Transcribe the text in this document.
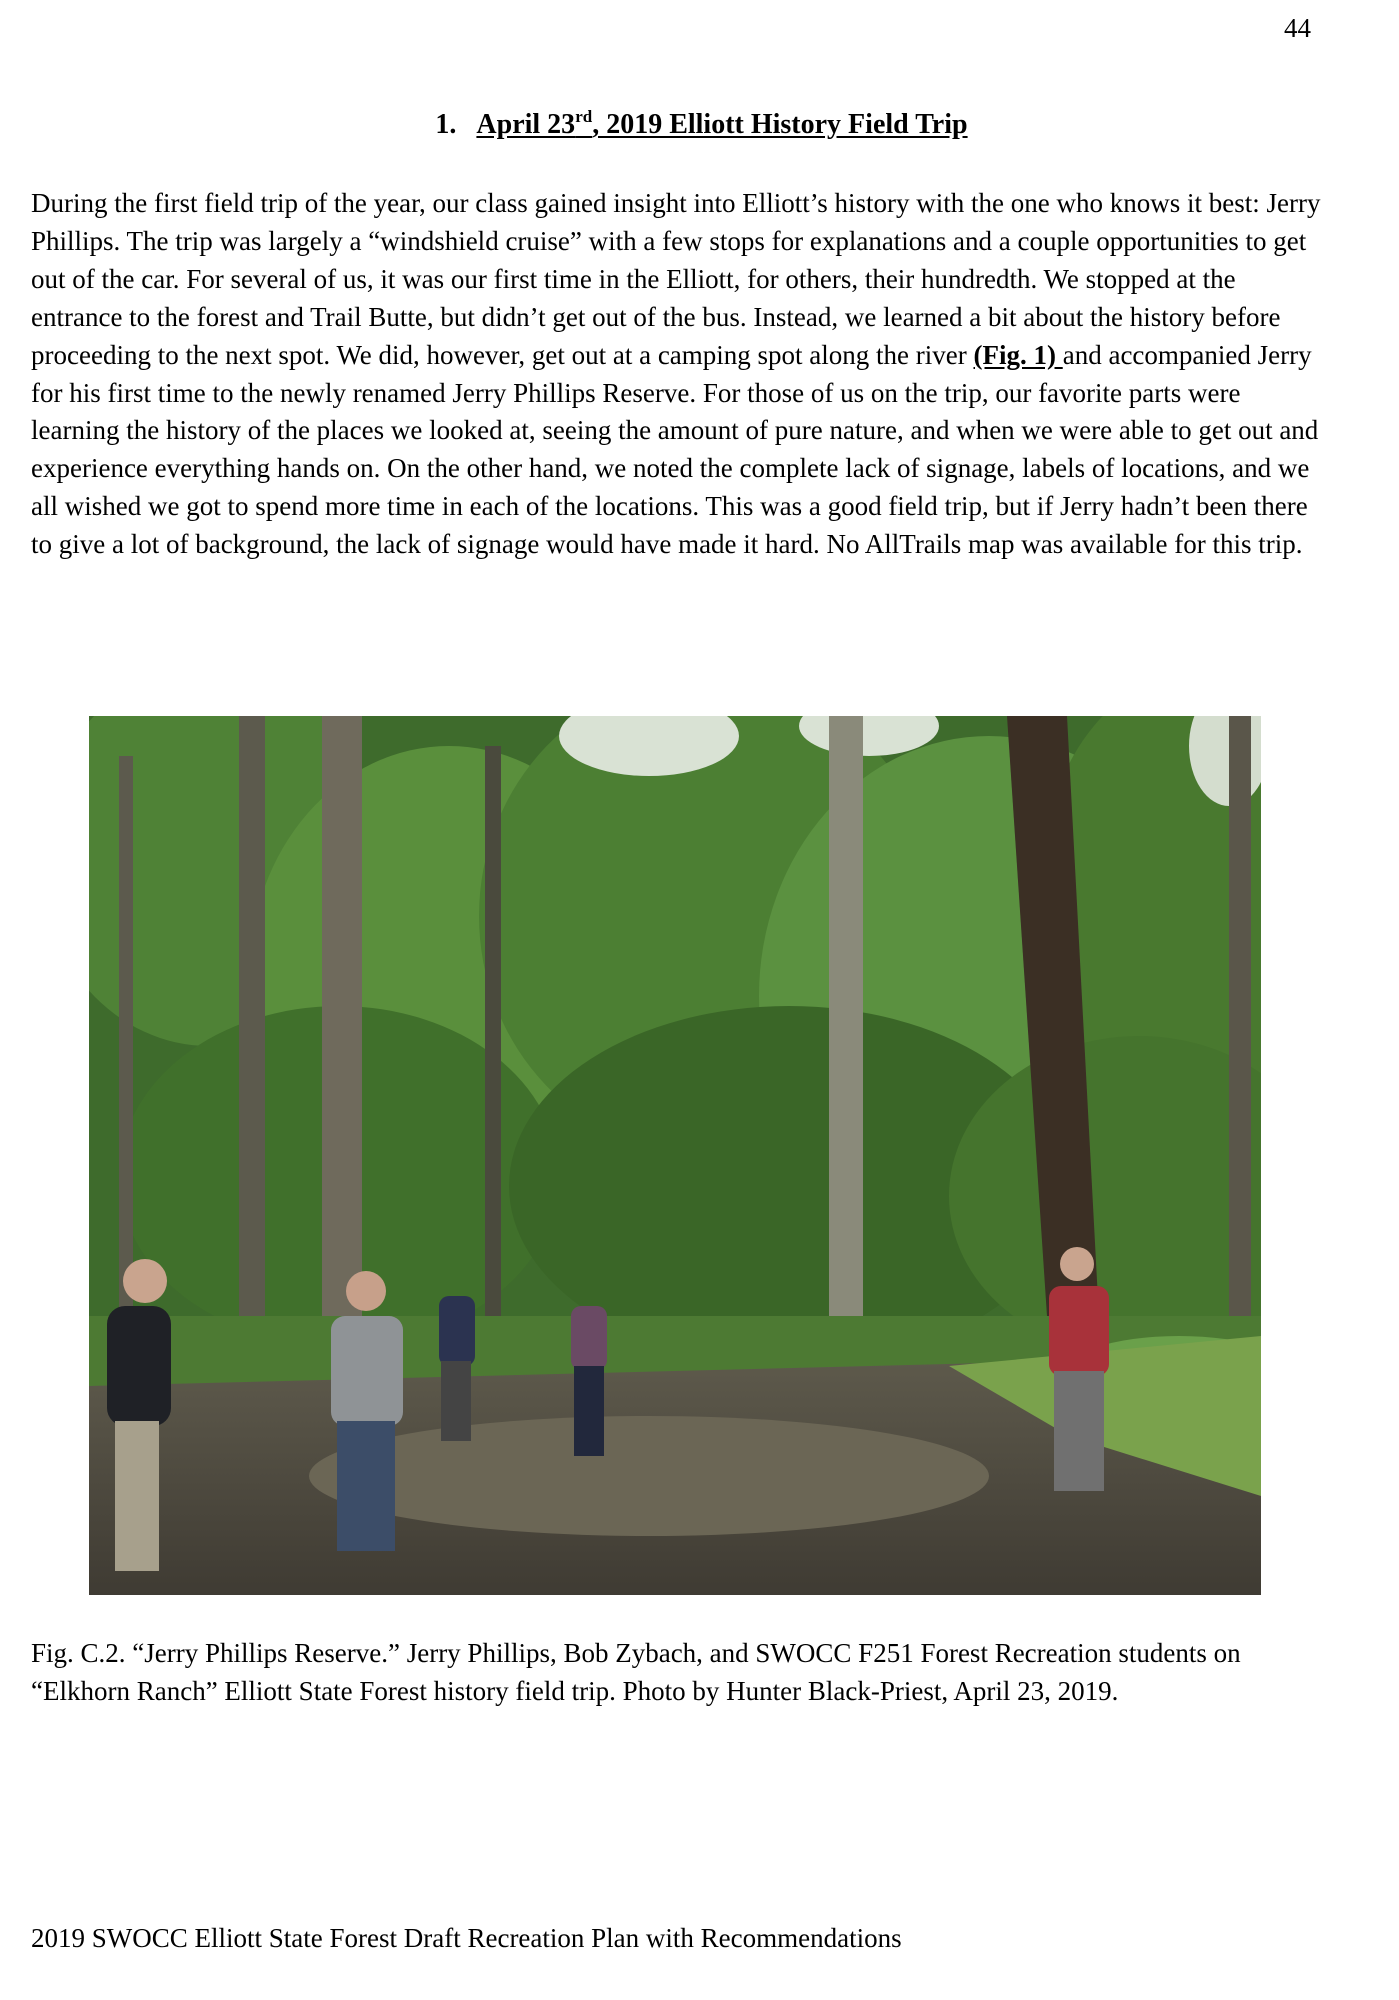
44
1. April 23rd, 2019 Elliott History Field Trip

During the first field trip of the year, our class gained insight into Elliott’s history with the one who knows it best: Jerry Phillips. The trip was largely a “windshield cruise” with a few stops for explanations and a couple opportunities to get out of the car. For several of us, it was our first time in the Elliott, for others, their hundredth. We stopped at the entrance to the forest and Trail Butte, but didn’t get out of the bus. Instead, we learned a bit about the history before proceeding to the next spot. We did, however, get out at a camping spot along the river (Fig. 1) and accompanied Jerry for his first time to the newly renamed Jerry Phillips Reserve. For those of us on the trip, our favorite parts were learning the history of the places we looked at, seeing the amount of pure nature, and when we were able to get out and experience everything hands on. On the other hand, we noted the complete lack of signage, labels of locations, and we all wished we got to spend more time in each of the locations. This was a good field trip, but if Jerry hadn’t been there to give a lot of background, the lack of signage would have made it hard. No AllTrails map was available for this trip.

Fig. C.2. “Jerry Phillips Reserve.” Jerry Phillips, Bob Zybach, and SWOCC F251 Forest Recreation students on “Elkhorn Ranch” Elliott State Forest history field trip. Photo by Hunter Black-Priest, April 23, 2019.

2019 SWOCC Elliott State Forest Draft Recreation Plan with Recommendations
